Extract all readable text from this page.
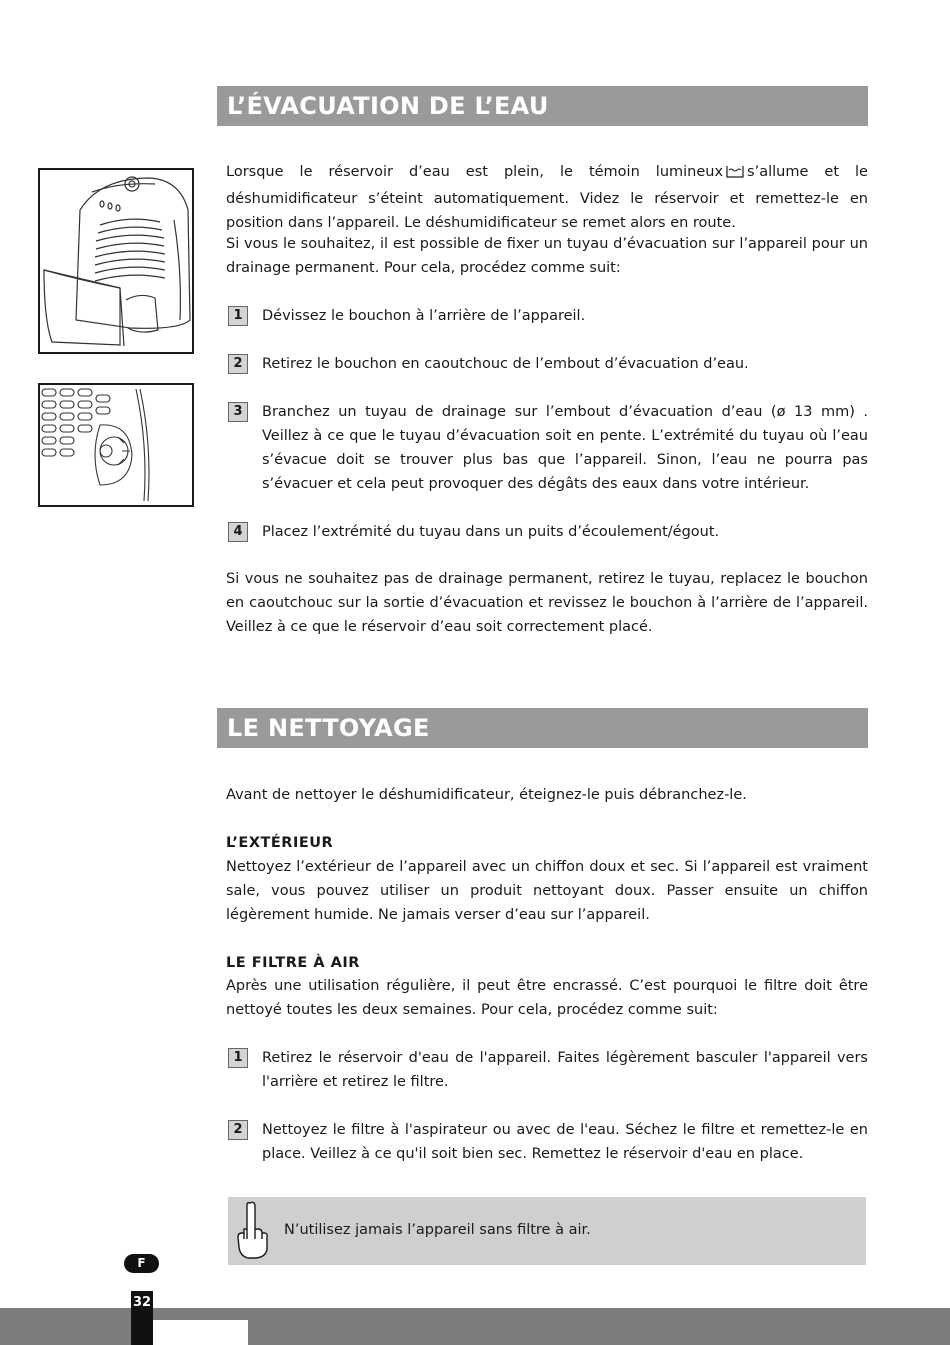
L’ÉVACUATION DE L’EAU

Lorsque le réservoir d’eau est plein, le témoin lumineux s’allume et le déshumidificateur s’éteint automatiquement. Videz le réservoir et remettez-le en position dans l’appareil. Le déshumidificateur se remet alors en route.

Si vous le souhaitez, il est possible de fixer un tuyau d’évacuation sur l’appareil pour un drainage permanent. Pour cela, procédez comme suit:

1	Dévissez le bouchon à l’arrière de l’appareil.
2	Retirez le bouchon en caoutchouc de l’embout d’évacuation d’eau.
3	Branchez un tuyau de drainage sur l’embout d’évacuation d’eau (ø 13 mm) . Veillez à ce que le tuyau d’évacuation soit en pente. L’extrémité du tuyau où l’eau s’évacue doit se trouver plus bas que l’appareil. Sinon, l’eau ne pourra pas s’évacuer et cela peut provoquer des dégâts des eaux dans votre intérieur.
4	Placez l’extrémité du tuyau dans un puits d’écoulement/égout.

Si vous ne souhaitez pas de drainage permanent, retirez le tuyau, replacez le bouchon en caoutchouc sur la sortie d’évacuation et revissez le bouchon à l’arrière de l’appareil. Veillez à ce que le réservoir d’eau soit correctement placé.

LE NETTOYAGE

Avant de nettoyer le déshumidificateur, éteignez-le puis débranchez-le.

L’EXTÉRIEUR

Nettoyez l’extérieur de l’appareil avec un chiffon doux et sec. Si l’appareil est vraiment sale, vous pouvez utiliser un produit nettoyant doux. Passer ensuite un chiffon légèrement humide. Ne jamais verser d’eau sur l’appareil.

LE FILTRE À AIR

Après une utilisation régulière, il peut être encrassé. C’est pourquoi le filtre doit être nettoyé toutes les deux semaines. Pour cela, procédez comme suit:

1	Retirez le réservoir d'eau de l'appareil. Faites légèrement basculer l'appareil vers l'arrière et retirez le filtre.
2	Nettoyez le filtre à l'aspirateur ou avec de l'eau. Séchez le filtre et remettez-le en place. Veillez à ce qu'il soit bien sec. Remettez le réservoir d'eau en place.
N’utilisez jamais l’appareil sans filtre à air.
F
32
